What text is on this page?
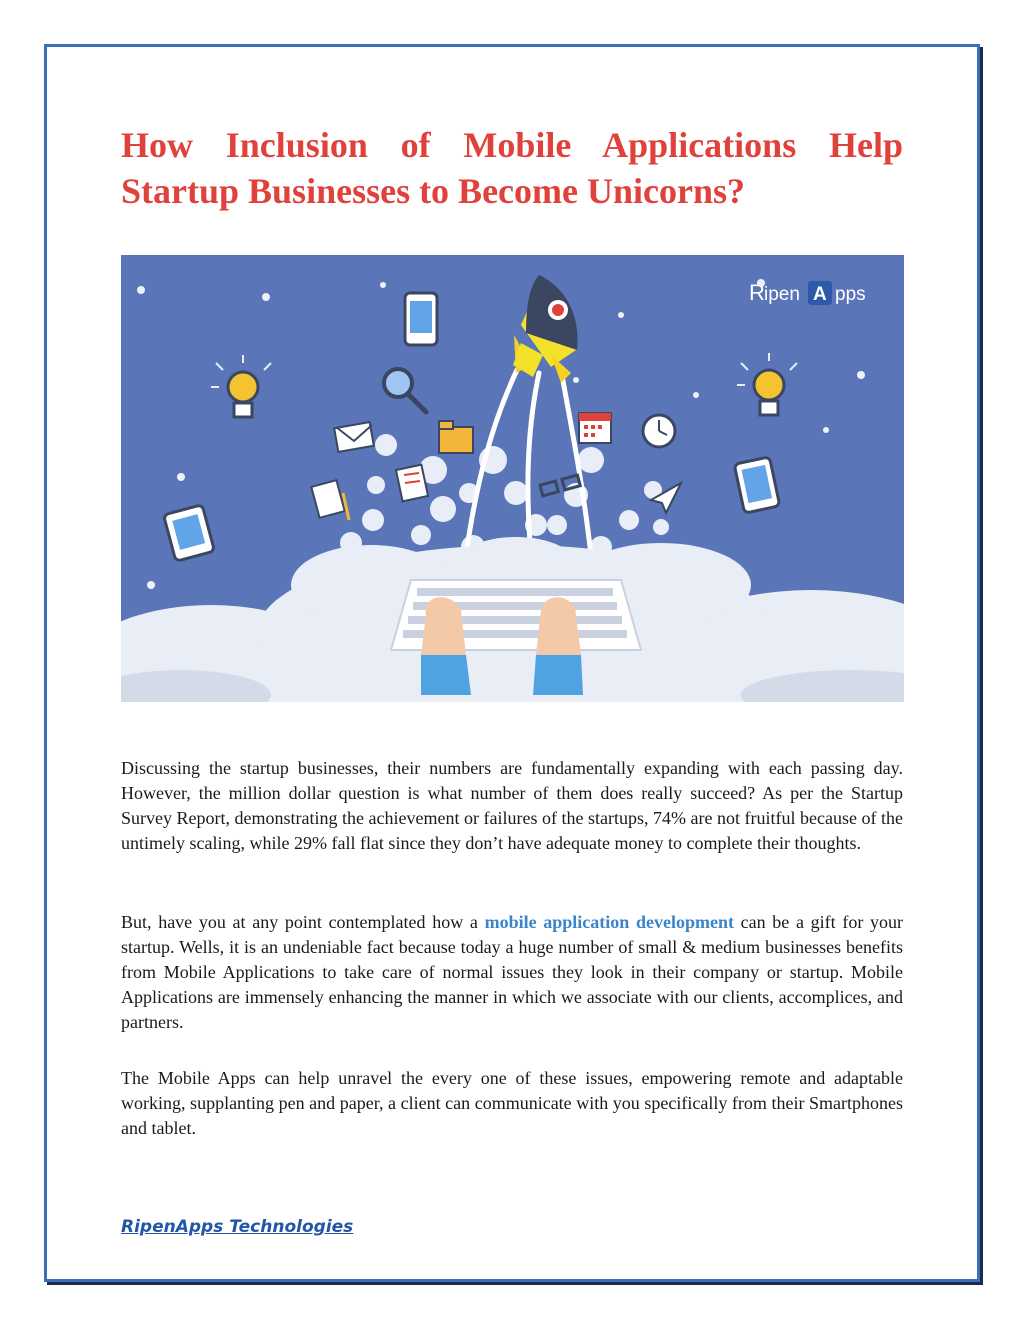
How Inclusion of Mobile Applications Help Startup Businesses to Become Unicorns?
R ipen A pps

Discussing the startup businesses, their numbers are fundamentally expanding with each passing day. However, the million dollar question is what number of them does really succeed? As per the Startup Survey Report, demonstrating the achievement or failures of the startups, 74% are not fruitful because of the untimely scaling, while 29% fall flat since they don’t have adequate money to complete their thoughts.

But, have you at any point contemplated how a mobile application development can be a gift for your startup. Wells, it is an undeniable fact because today a huge number of small & medium businesses benefits from Mobile Applications to take care of normal issues they look in their company or startup. Mobile Applications are immensely enhancing the manner in which we associate with our clients, accomplices, and partners.

The Mobile Apps can help unravel the every one of these issues, empowering remote and adaptable working, supplanting pen and paper, a client can communicate with you specifically from their Smartphones and tablet.

RipenApps Technologies
